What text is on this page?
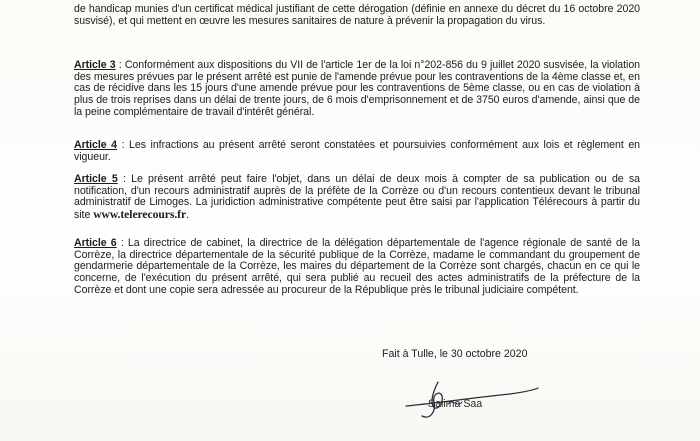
de handicap munies d'un certificat médical justifiant de cette dérogation (définie en annexe du décret du 16 octobre 2020 susvisé), et qui mettent en œuvre les mesures sanitaires de nature à prévenir la propagation du virus.

Article 3 : Conformément aux dispositions du VII de l'article 1er de la loi n°202-856 du 9 juillet 2020 susvisée, la violation des mesures prévues par le présent arrêté est punie de l'amende prévue pour les contraventions de la 4ème classe et, en cas de récidive dans les 15 jours d'une amende prévue pour les contraventions de 5ème classe, ou en cas de violation à plus de trois reprises dans un délai de trente jours, de 6 mois d'emprisonnement et de 3750 euros d'amende, ainsi que de la peine complémentaire de travail d'intérêt général.

Article 4 : Les infractions au présent arrêté seront constatées et poursuivies conformément aux lois et règlement en vigueur.

Article 5 : Le présent arrêté peut faire l'objet, dans un délai de deux mois à compter de sa publication ou de sa notification, d'un recours administratif auprès de la préfète de la Corrèze ou d'un recours contentieux devant le tribunal administratif de Limoges. La juridiction administrative compétente peut être saisi par l'application Télérecours à partir du site www.telerecours.fr.

Article 6 : La directrice de cabinet, la directrice de la délégation départementale de l'agence régionale de santé de la Corrèze, la directrice départementale de la sécurité publique de la Corrèze, madame le commandant du groupement de gendarmerie départementale de la Corrèze, les maires du département de la Corrèze sont chargés, chacun en ce qui le concerne, de l'exécution du présent arrêté, qui sera publié au recueil des actes administratifs de la préfecture de la Corrèze et dont une copie sera adressée au procureur de la République près le tribunal judiciaire compétent.

Fait à Tulle, le 30 octobre 2020
Salima Saa
